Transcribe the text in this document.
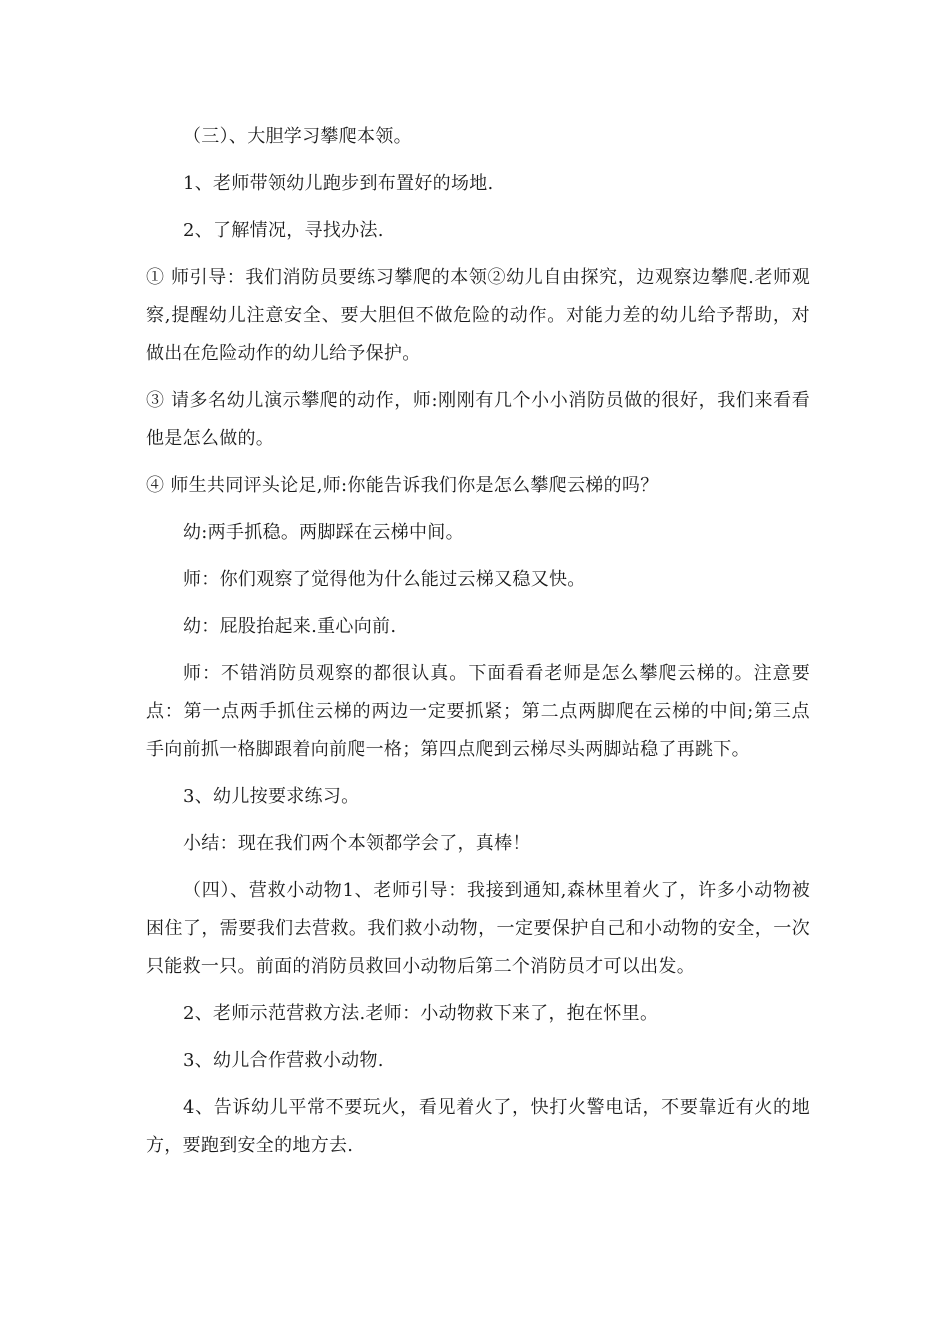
（三）、大胆学习攀爬本领。

1、老师带领幼儿跑步到布置好的场地.

2、了解情况，寻找办法.

① 师引导：我们消防员要练习攀爬的本领②幼儿自由探究，边观察边攀爬.老师观察,提醒幼儿注意安全、要大胆但不做危险的动作。对能力差的幼儿给予帮助，对做出在危险动作的幼儿给予保护。

③ 请多名幼儿演示攀爬的动作，师:刚刚有几个小小消防员做的很好，我们来看看他是怎么做的。

④ 师生共同评头论足,师:你能告诉我们你是怎么攀爬云梯的吗？

幼:两手抓稳。两脚踩在云梯中间。

师：你们观察了觉得他为什么能过云梯又稳又快。

幼：屁股抬起来.重心向前.

师：不错消防员观察的都很认真。下面看看老师是怎么攀爬云梯的。注意要点：第一点两手抓住云梯的两边一定要抓紧；第二点两脚爬在云梯的中间;第三点手向前抓一格脚跟着向前爬一格；第四点爬到云梯尽头两脚站稳了再跳下。

3、幼儿按要求练习。

小结：现在我们两个本领都学会了，真棒！

（四）、营救小动物1、老师引导：我接到通知,森林里着火了，许多小动物被困住了，需要我们去营救。我们救小动物，一定要保护自己和小动物的安全，一次只能救一只。前面的消防员救回小动物后第二个消防员才可以出发。

2、老师示范营救方法.老师：小动物救下来了，抱在怀里。

3、幼儿合作营救小动物.

4、告诉幼儿平常不要玩火，看见着火了，快打火警电话，不要靠近有火的地方，要跑到安全的地方去.
